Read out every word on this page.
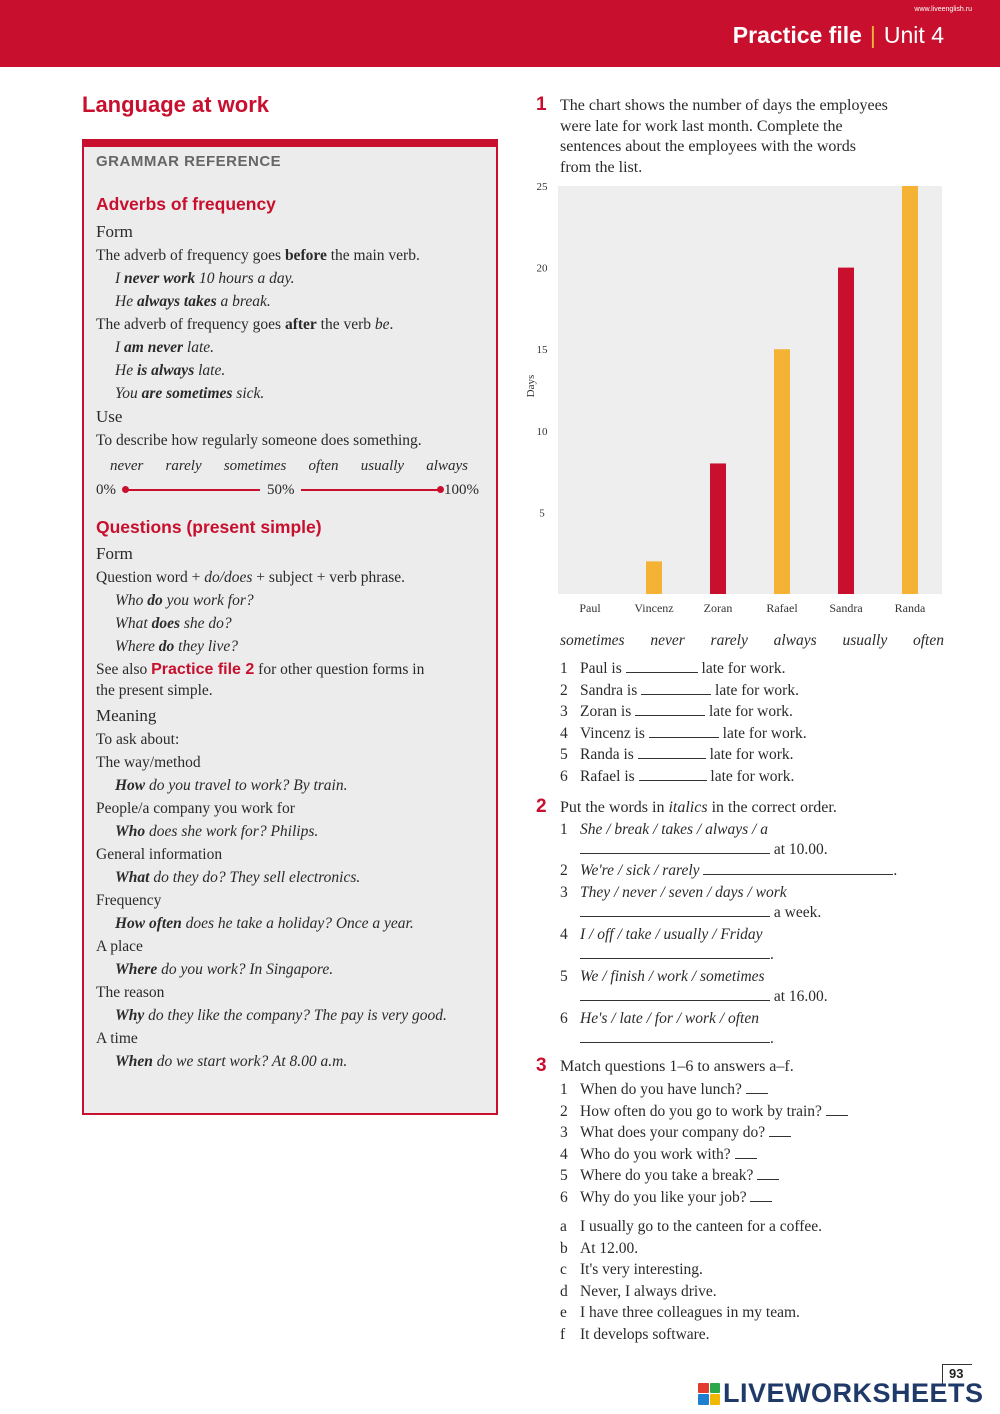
www.liveenglish.ru
Practice file | Unit 4
Language at work
GRAMMAR REFERENCE
Adverbs of frequency
Form
The adverb of frequency goes before the main verb.
I never work 10 hours a day.
He always takes a break.
The adverb of frequency goes after the verb be.
I am never late.
He is always late.
You are sometimes sick.
Use
To describe how regularly someone does something.
never rarely sometimes often usually always
0%	50%	100%
Questions (present simple)
Form
Question word + do/does + subject + verb phrase.
Who do you work for?
What does she do?
Where do they live?
See also Practice file 2 for other question forms in
the present simple.
Meaning
To ask about:
The way/method
How do you travel to work? By train.
People/a company you work for
Who does she work for? Philips.
General information
What do they do? They sell electronics.
Frequency
How often does he take a holiday? Once a year.
A place
Where do you work? In Singapore.
The reason
Why do they like the company? The pay is very good.
A time
When do we start work? At 8.00 a.m.
1 The chart shows the number of days the employees
were late for work last month. Complete the
sentences about the employees with the words
from the list.
5
10
15
20
25
Days
Paul	Vincenz	Zoran	Rafael	Sandra	Randa
sometimes never rarely always usually often
1 Paul is	late for work.
2 Sandra is	late for work.
3 Zoran is	late for work.
4 Vincenz is	late for work.
5 Randa is	late for work.
6 Rafael is	late for work.
2 Put the words in italics in the correct order.
1 She / break / takes / always / a
at 10.00.
2 We're / sick / rarely	.
3 They / never / seven / days / work
a week.
4 I / off / take / usually / Friday
.
5 We / finish / work / sometimes
at 16.00.
6 He's / late / for / work / often
.
3 Match questions 1–6 to answers a–f.
1 When do you have lunch?
2 How often do you go to work by train?
3 What does your company do?
4 Who do you work with?
5 Where do you take a break?
6 Why do you like your job?
a I usually go to the canteen for a coffee.
b At 12.00.
c It's very interesting.
d Never, I always drive.
e I have three colleagues in my team.
f It develops software.
93
LIVEWORKSHEETS
